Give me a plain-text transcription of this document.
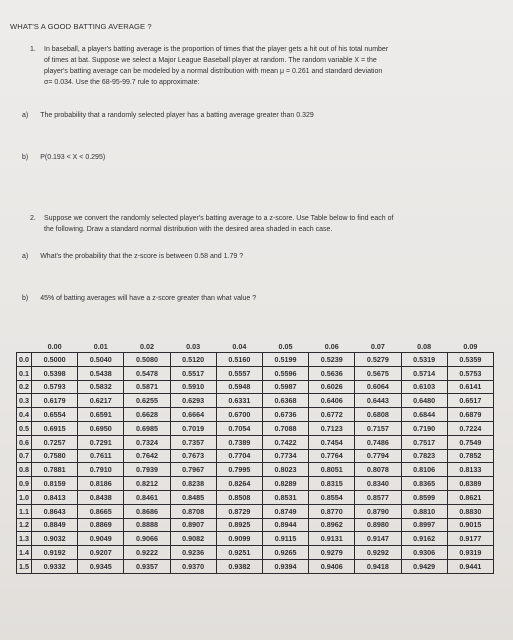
WHAT'S A GOOD BATTING AVERAGE ?
1. In baseball, a player's batting average is the proportion of times that the player gets a hit out of his total number
of times at bat. Suppose we select a Major League Baseball player at random. The random variable X = the
player's batting average can be modeled by a normal distribution with mean μ = 0.261 and standard deviation
σ= 0.034. Use the 68-95-99.7 rule to approximate:
a) The probability that a randomly selected player has a batting average greater than 0.329
b) P(0.193 < X < 0.295)
2. Suppose we convert the randomly selected player's batting average to a z-score. Use Table below to find each of
the following. Draw a standard normal distribution with the desired area shaded in each case.
a) What's the probability that the z-score is between 0.58 and 1.79 ?
b) 45% of batting averages will have a z-score greater than what value ?
	0.00	0.01	0.02	0.03	0.04	0.05	0.06	0.07	0.08	0.09
0.0	0.5000	0.5040	0.5080	0.5120	0.5160	0.5199	0.5239	0.5279	0.5319	0.5359
0.1	0.5398	0.5438	0.5478	0.5517	0.5557	0.5596	0.5636	0.5675	0.5714	0.5753
0.2	0.5793	0.5832	0.5871	0.5910	0.5948	0.5987	0.6026	0.6064	0.6103	0.6141
0.3	0.6179	0.6217	0.6255	0.6293	0.6331	0.6368	0.6406	0.6443	0.6480	0.6517
0.4	0.6554	0.6591	0.6628	0.6664	0.6700	0.6736	0.6772	0.6808	0.6844	0.6879
0.5	0.6915	0.6950	0.6985	0.7019	0.7054	0.7088	0.7123	0.7157	0.7190	0.7224
0.6	0.7257	0.7291	0.7324	0.7357	0.7389	0.7422	0.7454	0.7486	0.7517	0.7549
0.7	0.7580	0.7611	0.7642	0.7673	0.7704	0.7734	0.7764	0.7794	0.7823	0.7852
0.8	0.7881	0.7910	0.7939	0.7967	0.7995	0.8023	0.8051	0.8078	0.8106	0.8133
0.9	0.8159	0.8186	0.8212	0.8238	0.8264	0.8289	0.8315	0.8340	0.8365	0.8389
1.0	0.8413	0.8438	0.8461	0.8485	0.8508	0.8531	0.8554	0.8577	0.8599	0.8621
1.1	0.8643	0.8665	0.8686	0.8708	0.8729	0.8749	0.8770	0.8790	0.8810	0.8830
1.2	0.8849	0.8869	0.8888	0.8907	0.8925	0.8944	0.8962	0.8980	0.8997	0.9015
1.3	0.9032	0.9049	0.9066	0.9082	0.9099	0.9115	0.9131	0.9147	0.9162	0.9177
1.4	0.9192	0.9207	0.9222	0.9236	0.9251	0.9265	0.9279	0.9292	0.9306	0.9319
1.5	0.9332	0.9345	0.9357	0.9370	0.9382	0.9394	0.9406	0.9418	0.9429	0.9441
